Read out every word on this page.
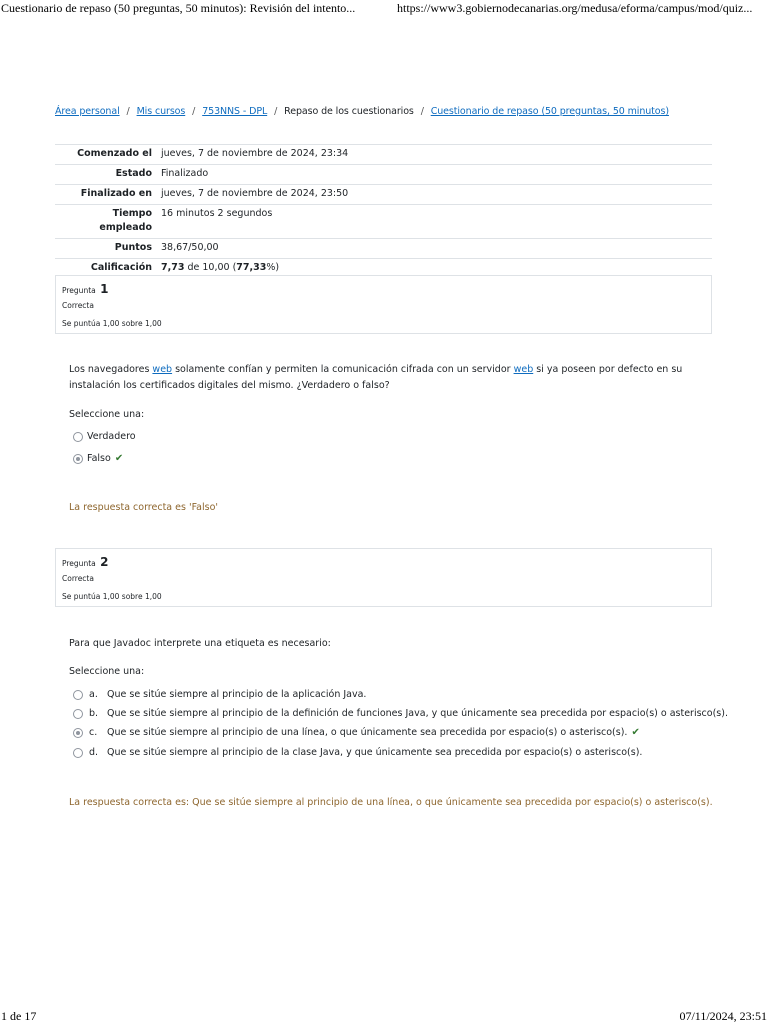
Cuestionario de repaso (50 preguntas, 50 minutos): Revisión del intento...	https://www3.gobiernodecanarias.org/medusa/eforma/campus/mod/quiz...
Área personal / Mis cursos / 753NNS - DPL / Repaso de los cuestionarios / Cuestionario de repaso (50 preguntas, 50 minutos)
Comenzado el	jueves, 7 de noviembre de 2024, 23:34
Estado	Finalizado
Finalizado en	jueves, 7 de noviembre de 2024, 23:50
Tiempo
empleado	16 minutos 2 segundos
Puntos	38,67/50,00
Calificación	7,73 de 10,00 (77,33%)
Pregunta 1
Correcta
Se puntúa 1,00 sobre 1,00
Los navegadores web solamente confían y permiten la comunicación cifrada con un servidor web si ya poseen por defecto en su instalación los certificados digitales del mismo. ¿Verdadero o falso?
Seleccione una:
Verdadero
Falso ✔
La respuesta correcta es 'Falso'
Pregunta 2
Correcta
Se puntúa 1,00 sobre 1,00
Para que Javadoc interprete una etiqueta es necesario:
Seleccione una:
a. Que se sitúe siempre al principio de la aplicación Java.
b. Que se sitúe siempre al principio de la definición de funciones Java, y que únicamente sea precedida por espacio(s) o asterisco(s).
c.	Que se sitúe siempre al principio de una línea, o que únicamente sea precedida por espacio(s) o asterisco(s). ✔
d. Que se sitúe siempre al principio de la clase Java, y que únicamente sea precedida por espacio(s) o asterisco(s).
La respuesta correcta es: Que se sitúe siempre al principio de una línea, o que únicamente sea precedida por espacio(s) o asterisco(s).
1 de 17	07/11/2024, 23:51
